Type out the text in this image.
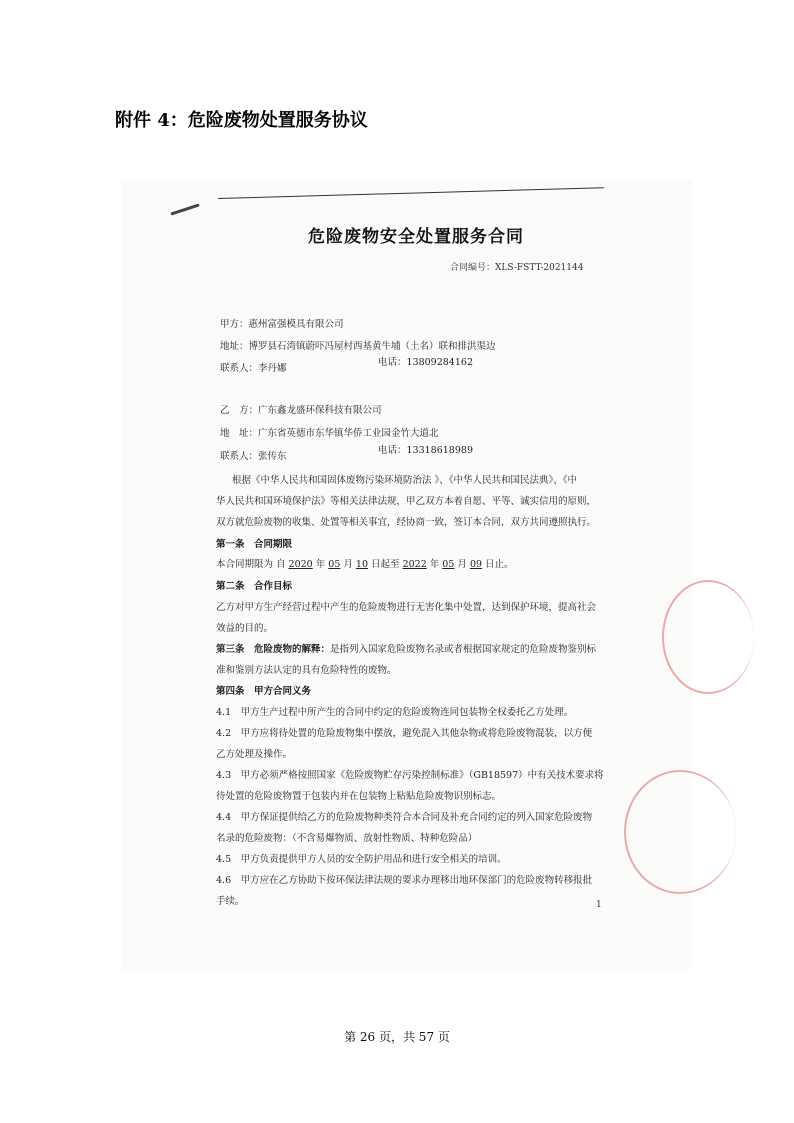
附件 4：危险废物处置服务协议
危险废物安全处置服务合同
合同编号：XLS-FSTT-2021144
甲方：惠州富强模具有限公司
地址：博罗县石湾镇蔚吓冯屋村西基黄牛埔（土名）联和排洪渠边
联系人：李丹娜
电话：13809284162
乙　方：广东鑫龙盛环保科技有限公司
地　址：广东省英德市东华镇华侨工业园金竹大道北
联系人：张传东
电话：13318618989
根据《中华人民共和国固体废物污染环境防治法 》、《中华人民共和国民法典》、《中
华人民共和国环境保护法》等相关法律法规，甲乙双方本着自愿、平等、诚实信用的原则，
双方就危险废物的收集、处置等相关事宜，经协商一致，签订本合同，双方共同遵照执行。
第一条　合同期限
本合同期限为 自 2020 年 05 月 10 日起至 2022 年 05 月 09 日止。
第二条　合作目标
乙方对甲方生产经营过程中产生的危险废物进行无害化集中处置，达到保护环境，提高社会
效益的目的。
第三条　危险废物的解释：是指列入国家危险废物名录或者根据国家规定的危险废物鉴别标
准和鉴别方法认定的具有危险特性的废物。
第四条　甲方合同义务
4.1　甲方生产过程中所产生的合同中约定的危险废物连同包装物全权委托乙方处理。
4.2　甲方应将待处置的危险废物集中摆放，避免混入其他杂物或将危险废物混装，以方便
乙方处理及操作。
4.3　甲方必须严格按照国家《危险废物贮存污染控制标准》（GB18597）中有关技术要求将
待处置的危险废物置于包装内并在包装物上粘贴危险废物识别标志。
4.4　甲方保证提供给乙方的危险废物种类符合本合同及补充合同约定的列入国家危险废物
名录的危险废物：（不含易爆物质、放射性物质、特种危险品）
4.5　甲方负责提供甲方人员的安全防护用品和进行安全相关的培训。
4.6　甲方应在乙方协助下按环保法律法规的要求办理移出地环保部门的危险废物转移报批
手续。	1
第 26 页，共 57 页
